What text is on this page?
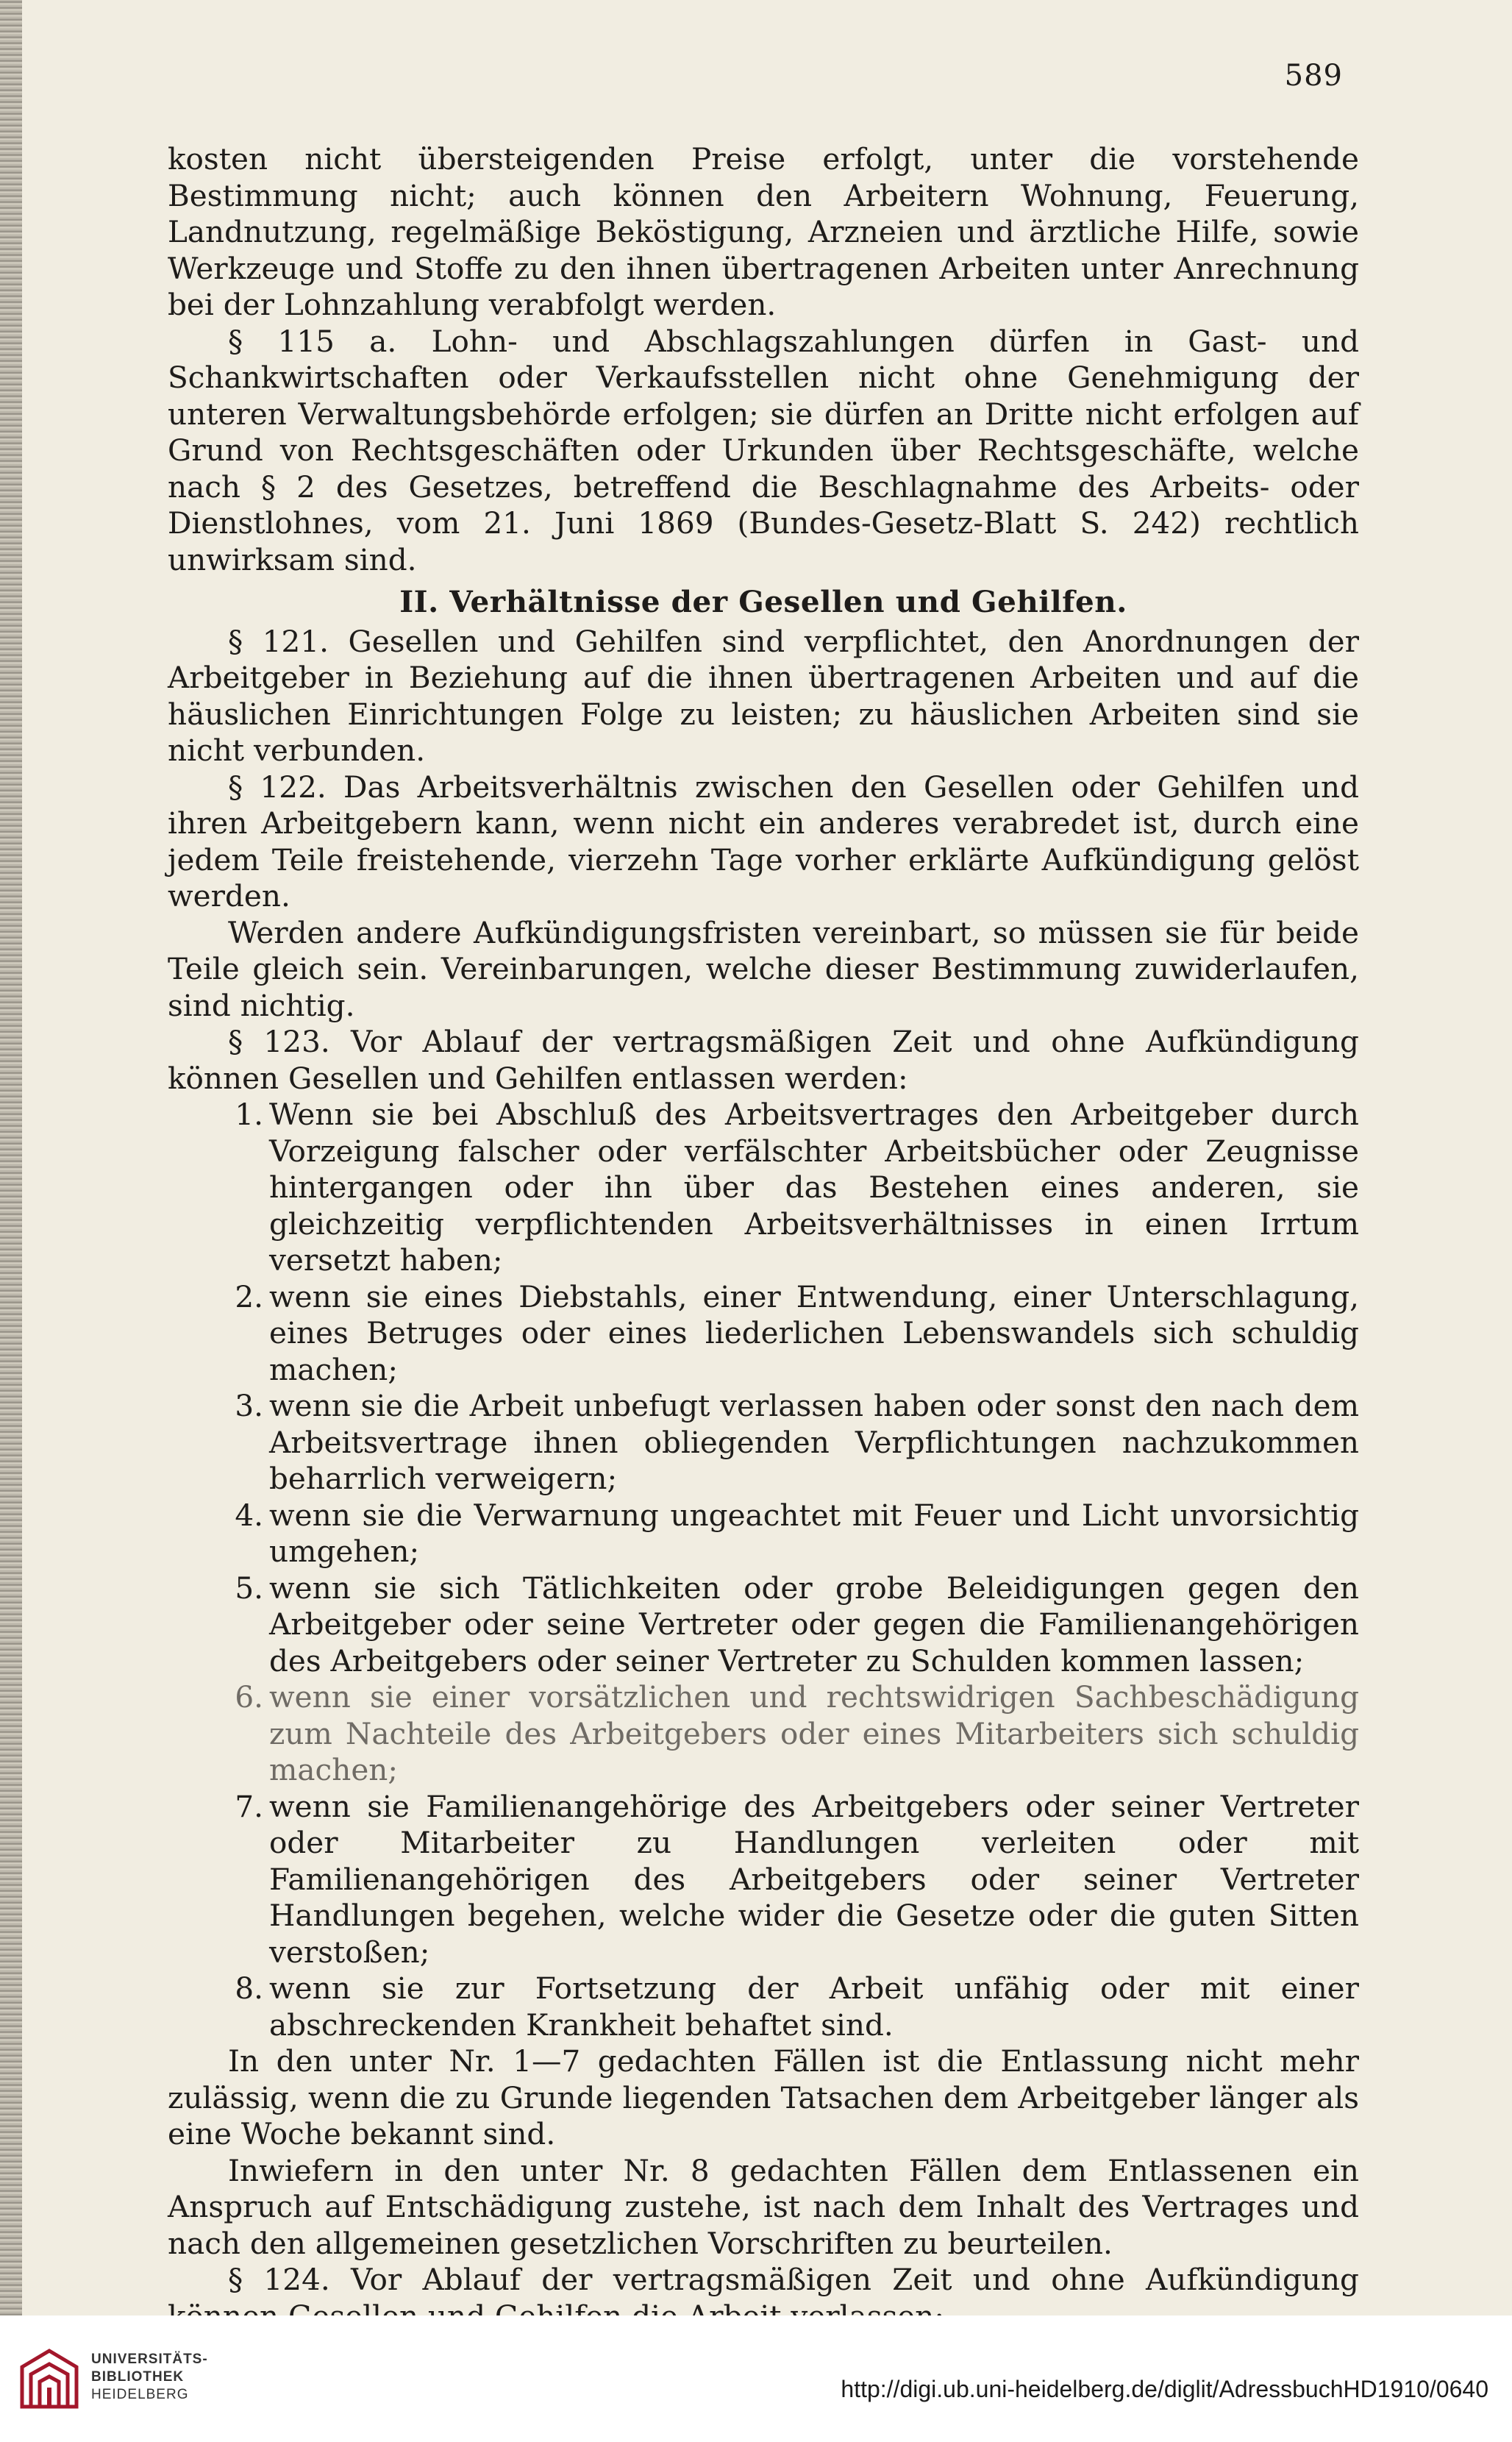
589

kosten nicht übersteigenden Preise erfolgt, unter die vorstehende Bestimmung nicht; auch können den Arbeitern Wohnung, Feuerung, Landnutzung, regelmäßige Beköstigung, Arzneien und ärztliche Hilfe, sowie Werkzeuge und Stoffe zu den ihnen übertragenen Arbeiten unter Anrechnung bei der Lohnzahlung verabfolgt werden.

§ 115 a. Lohn- und Abschlagszahlungen dürfen in Gast- und Schankwirtschaften oder Verkaufsstellen nicht ohne Genehmigung der unteren Verwaltungsbehörde erfolgen; sie dürfen an Dritte nicht erfolgen auf Grund von Rechtsgeschäften oder Urkunden über Rechtsgeschäfte, welche nach § 2 des Gesetzes, betreffend die Beschlagnahme des Arbeits- oder Dienstlohnes, vom 21. Juni 1869 (Bundes-Gesetz-Blatt S. 242) rechtlich unwirksam sind.

II. Verhältnisse der Gesellen und Gehilfen.

§ 121. Gesellen und Gehilfen sind verpflichtet, den Anordnungen der Arbeitgeber in Beziehung auf die ihnen übertragenen Arbeiten und auf die häuslichen Einrichtungen Folge zu leisten; zu häuslichen Arbeiten sind sie nicht verbunden.

§ 122. Das Arbeitsverhältnis zwischen den Gesellen oder Gehilfen und ihren Arbeitgebern kann, wenn nicht ein anderes verabredet ist, durch eine jedem Teile freistehende, vierzehn Tage vorher erklärte Aufkündigung gelöst werden.

Werden andere Aufkündigungsfristen vereinbart, so müssen sie für beide Teile gleich sein. Vereinbarungen, welche dieser Bestimmung zuwiderlaufen, sind nichtig.

§ 123. Vor Ablauf der vertragsmäßigen Zeit und ohne Aufkündigung können Gesellen und Gehilfen entlassen werden:

1. Wenn sie bei Abschluß des Arbeitsvertrages den Arbeitgeber durch Vorzeigung falscher oder verfälschter Arbeitsbücher oder Zeugnisse hintergangen oder ihn über das Bestehen eines anderen, sie gleichzeitig verpflichtenden Arbeitsverhältnisses in einen Irrtum versetzt haben;
2. wenn sie eines Diebstahls, einer Entwendung, einer Unterschlagung, eines Betruges oder eines liederlichen Lebenswandels sich schuldig machen;
3. wenn sie die Arbeit unbefugt verlassen haben oder sonst den nach dem Arbeitsvertrage ihnen obliegenden Verpflichtungen nachzukommen beharrlich verweigern;
4. wenn sie die Verwarnung ungeachtet mit Feuer und Licht unvorsichtig umgehen;
5. wenn sie sich Tätlichkeiten oder grobe Beleidigungen gegen den Arbeitgeber oder seine Vertreter oder gegen die Familienangehörigen des Arbeitgebers oder seiner Vertreter zu Schulden kommen lassen;
6. wenn sie einer vorsätzlichen und rechtswidrigen Sachbeschädigung zum Nachteile des Arbeitgebers oder eines Mitarbeiters sich schuldig machen;
7. wenn sie Familienangehörige des Arbeitgebers oder seiner Vertreter oder Mitarbeiter zu Handlungen verleiten oder mit Familienangehörigen des Arbeitgebers oder seiner Vertreter Handlungen begehen, welche wider die Gesetze oder die guten Sitten verstoßen;
8. wenn sie zur Fortsetzung der Arbeit unfähig oder mit einer abschreckenden Krankheit behaftet sind.

In den unter Nr. 1—7 gedachten Fällen ist die Entlassung nicht mehr zulässig, wenn die zu Grunde liegenden Tatsachen dem Arbeitgeber länger als eine Woche bekannt sind.

Inwiefern in den unter Nr. 8 gedachten Fällen dem Entlassenen ein Anspruch auf Entschädigung zustehe, ist nach dem Inhalt des Vertrages und nach den allgemeinen gesetzlichen Vorschriften zu beurteilen.

§ 124. Vor Ablauf der vertragsmäßigen Zeit und ohne Aufkündigung

UNIVERSITÄTS-
BIBLIOTHEK
HEIDELBERG	http://digi.ub.uni-heidelberg.de/diglit/AdressbuchHD1910/0640
